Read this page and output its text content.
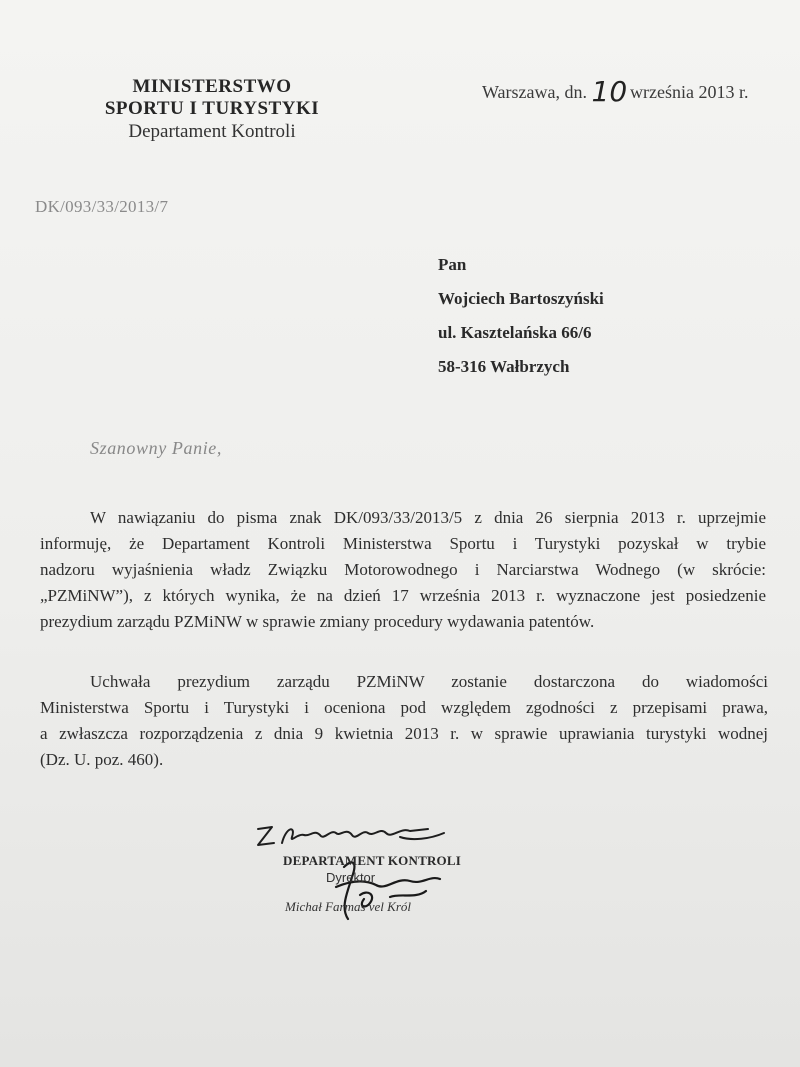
MINISTERSTWO
SPORTU I TURYSTYKI
Departament Kontroli
Warszawa, dn. 10 września 2013 r.
DK/093/33/2013/7
Pan
Wojciech Bartoszyński
ul. Kasztelańska 66/6
58-316 Wałbrzych
Szanowny Panie,
W nawiązaniu do pisma znak DK/093/33/2013/5 z dnia 26 sierpnia 2013 r. uprzejmie
informuję, że Departament Kontroli Ministerstwa Sportu i Turystyki pozyskał w trybie
nadzoru wyjaśnienia władz Związku Motorowodnego i Narciarstwa Wodnego (w skrócie:
„PZMiNW”), z których wynika, że na dzień 17 września 2013 r. wyznaczone jest posiedzenie
prezydium zarządu PZMiNW w sprawie zmiany procedury wydawania patentów.
Uchwała prezydium zarządu PZMiNW zostanie dostarczona do wiadomości
Ministerstwa Sportu i Turystyki i oceniona pod względem zgodności z przepisami prawa,
a zwłaszcza rozporządzenia z dnia 9 kwietnia 2013 r. w sprawie uprawiania turystyki wodnej
(Dz. U. poz. 460).
DEPARTAMENT KONTROLI
Dyrektor
Michał Farmas vel Król
